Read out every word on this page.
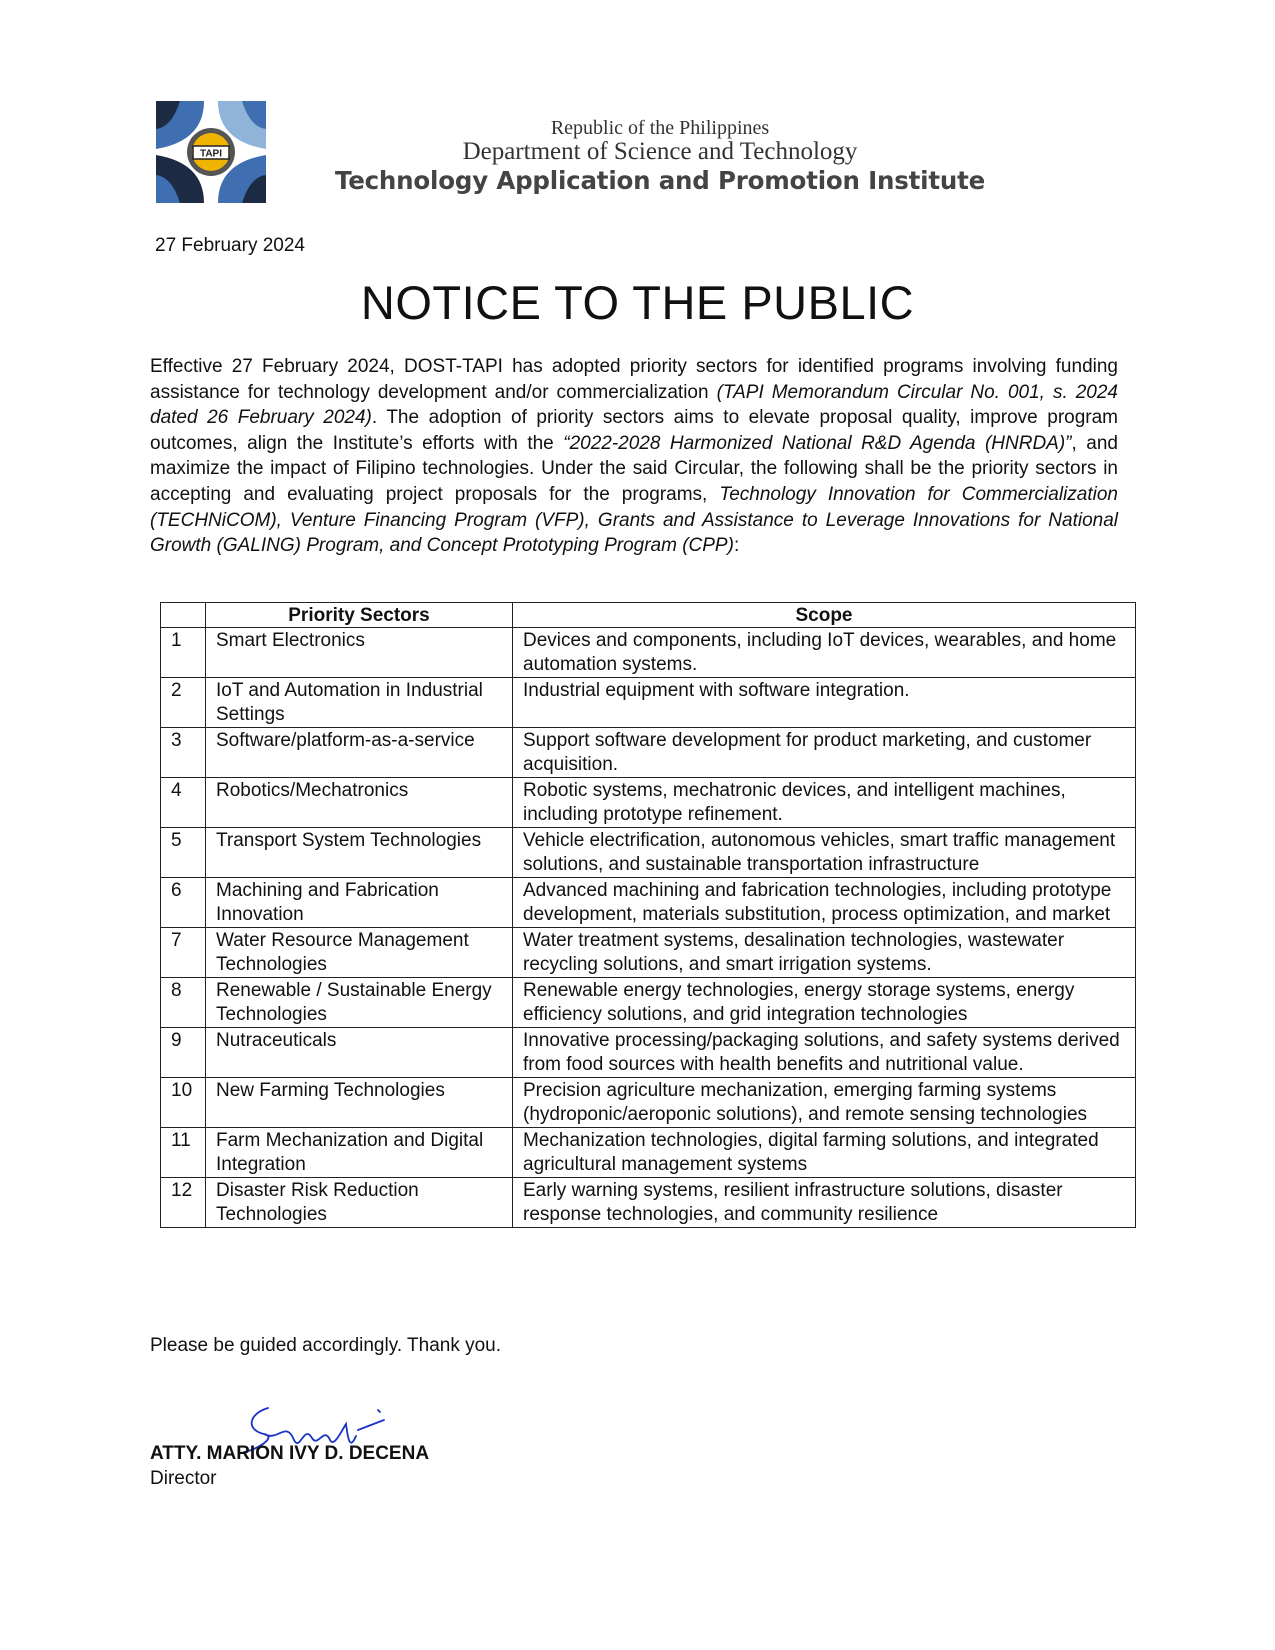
TAPI
Republic of the Philippines
Department of Science and Technology
Technology Application and Promotion Institute
27 February 2024
NOTICE TO THE PUBLIC
Effective 27 February 2024, DOST-TAPI has adopted priority sectors for identified programs involving funding assistance for technology development and/or commercialization (TAPI Memorandum Circular No. 001, s. 2024 dated 26 February 2024). The adoption of priority sectors aims to elevate proposal quality, improve program outcomes, align the Institute’s efforts with the “2022-2028 Harmonized National R&D Agenda (HNRDA)”, and maximize the impact of Filipino technologies. Under the said Circular, the following shall be the priority sectors in accepting and evaluating project proposals for the programs, Technology Innovation for Commercialization (TECHNiCOM), Venture Financing Program (VFP), Grants and Assistance to Leverage Innovations for National Growth (GALING) Program, and Concept Prototyping Program (CPP):
	Priority Sectors	Scope
1	Smart Electronics	Devices and components, including IoT devices, wearables, and home automation systems.
2	IoT and Automation in Industrial Settings	Industrial equipment with software integration.
3	Software/platform-as-a-service	Support software development for product marketing, and customer acquisition.
4	Robotics/Mechatronics	Robotic systems, mechatronic devices, and intelligent machines, including prototype refinement.
5	Transport System Technologies	Vehicle electrification, autonomous vehicles, smart traffic management solutions, and sustainable transportation infrastructure
6	Machining and Fabrication Innovation	Advanced machining and fabrication technologies, including prototype development, materials substitution, process optimization, and market
7	Water Resource Management Technologies	Water treatment systems, desalination technologies, wastewater recycling solutions, and smart irrigation systems.
8	Renewable / Sustainable Energy Technologies	Renewable energy technologies, energy storage systems, energy efficiency solutions, and grid integration technologies
9	Nutraceuticals	Innovative processing/packaging solutions, and safety systems derived from food sources with health benefits and nutritional value.
10	New Farming Technologies	Precision agriculture mechanization, emerging farming systems (hydroponic/aeroponic solutions), and remote sensing technologies
11	Farm Mechanization and Digital Integration	Mechanization technologies, digital farming solutions, and integrated agricultural management systems
12	Disaster Risk Reduction Technologies	Early warning systems, resilient infrastructure solutions, disaster response technologies, and community resilience
Please be guided accordingly. Thank you.
ATTY. MARION IVY D. DECENA
Director
